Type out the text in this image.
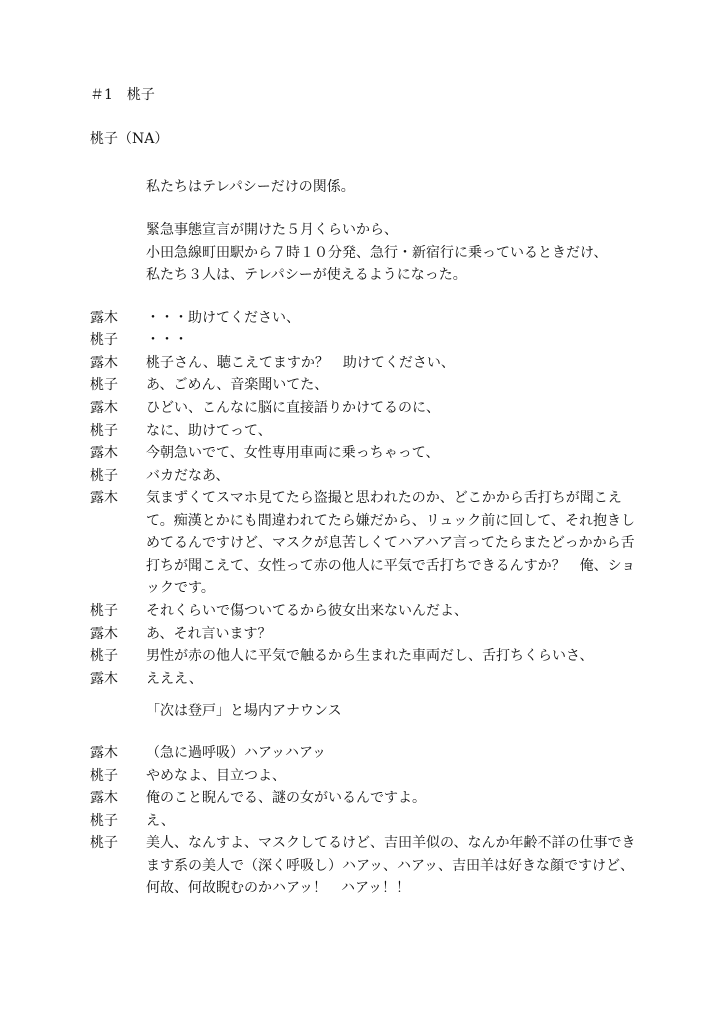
＃1　桃子
桃子（NA）
私たちはテレパシーだけの関係。
緊急事態宣言が開けた５月くらいから、
小田急線町田駅から７時１０分発、急行・新宿行に乗っているときだけ、
私たち３人は、テレパシーが使えるようになった。
露木	・・・助けてください、
桃子	・・・
露木	桃子さん、聴こえてますか？　助けてください、
桃子	あ、ごめん、音楽聞いてた、
露木	ひどい、こんなに脳に直接語りかけてるのに、
桃子	なに、助けてって、
露木	今朝急いでて、女性専用車両に乗っちゃって、
桃子	バカだなあ、
露木	気まずくてスマホ見てたら盗撮と思われたのか、どこかから舌打ちが聞こえて。痴漢とかにも間違われてたら嫌だから、リュック前に回して、それ抱きしめてるんですけど、マスクが息苦しくてハアハア言ってたらまたどっかから舌打ちが聞こえて、女性って赤の他人に平気で舌打ちできるんすか？　俺、ショックです。
桃子	それくらいで傷ついてるから彼女出来ないんだよ、
露木	あ、それ言います？
桃子	男性が赤の他人に平気で触るから生まれた車両だし、舌打ちくらいさ、
露木	えええ、
「次は登戸」と場内アナウンス
露木	（急に過呼吸）ハアッハアッ
桃子	やめなよ、目立つよ、
露木	俺のこと睨んでる、謎の女がいるんですよ。
桃子	え、
桃子	美人、なんすよ、マスクしてるけど、吉田羊似の、なんか年齢不詳の仕事できます系の美人で（深く呼吸し）ハアッ、ハアッ、吉田羊は好きな顔ですけど、何故、何故睨むのかハアッ！　ハアッ！！
